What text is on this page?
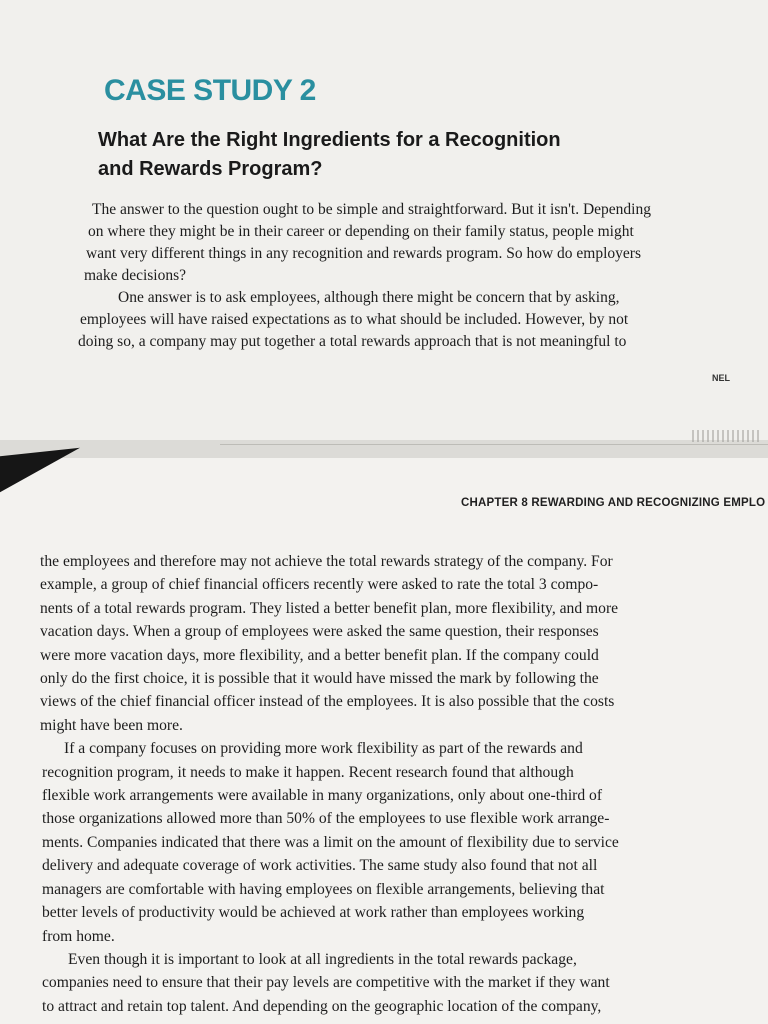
CASE STUDY 2
What Are the Right Ingredients for a Recognition
and Rewards Program?
The answer to the question ought to be simple and straightforward. But it isn't. Depending
on where they might be in their career or depending on their family status, people might
want very different things in any recognition and rewards program. So how do employers
make decisions?
One answer is to ask employees, although there might be concern that by asking,
employees will have raised expectations as to what should be included. However, by not
doing so, a company may put together a total rewards approach that is not meaningful to
NEL
CHAPTER 8 REWARDING AND RECOGNIZING EMPLO
the employees and therefore may not achieve the total rewards strategy of the company. For
example, a group of chief financial officers recently were asked to rate the total 3 compo-
nents of a total rewards program. They listed a better benefit plan, more flexibility, and more
vacation days. When a group of employees were asked the same question, their responses
were more vacation days, more flexibility, and a better benefit plan. If the company could
only do the first choice, it is possible that it would have missed the mark by following the
views of the chief financial officer instead of the employees. It is also possible that the costs
might have been more.
If a company focuses on providing more work flexibility as part of the rewards and
recognition program, it needs to make it happen. Recent research found that although
flexible work arrangements were available in many organizations, only about one-third of
those organizations allowed more than 50% of the employees to use flexible work arrange-
ments. Companies indicated that there was a limit on the amount of flexibility due to service
delivery and adequate coverage of work activities. The same study also found that not all
managers are comfortable with having employees on flexible arrangements, believing that
better levels of productivity would be achieved at work rather than employees working
from home.
Even though it is important to look at all ingredients in the total rewards package,
companies need to ensure that their pay levels are competitive with the market if they want
to attract and retain top talent. And depending on the geographic location of the company,
